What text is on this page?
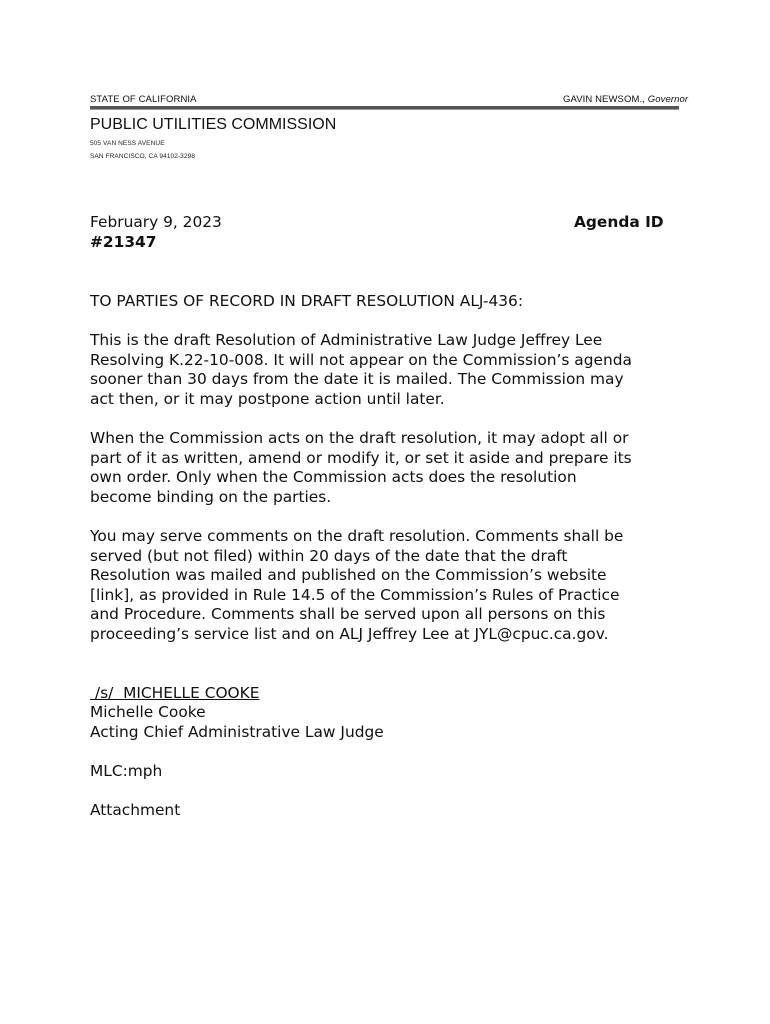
STATE OF CALIFORNIA	GAVIN NEWSOM., Governor
PUBLIC UTILITIES COMMISSION
505 VAN NESS AVENUE
SAN FRANCISCO, CA 94102-3298
February 9, 2023	Agenda ID
#21347
TO PARTIES OF RECORD IN DRAFT RESOLUTION ALJ-436:
This is the draft Resolution of Administrative Law Judge Jeffrey Lee
Resolving K.22-10-008. It will not appear on the Commission’s agenda
sooner than 30 days from the date it is mailed. The Commission may
act then, or it may postpone action until later.
When the Commission acts on the draft resolution, it may adopt all or
part of it as written, amend or modify it, or set it aside and prepare its
own order. Only when the Commission acts does the resolution
become binding on the parties.
You may serve comments on the draft resolution. Comments shall be
served (but not filed) within 20 days of the date that the draft
Resolution was mailed and published on the Commission’s website
[link], as provided in Rule 14.5 of the Commission’s Rules of Practice
and Procedure. Comments shall be served upon all persons on this
proceeding’s service list and on ALJ Jeffrey Lee at JYL@cpuc.ca.gov.
/s/  MICHELLE COOKE
Michelle Cooke
Acting Chief Administrative Law Judge
MLC:mph
Attachment
